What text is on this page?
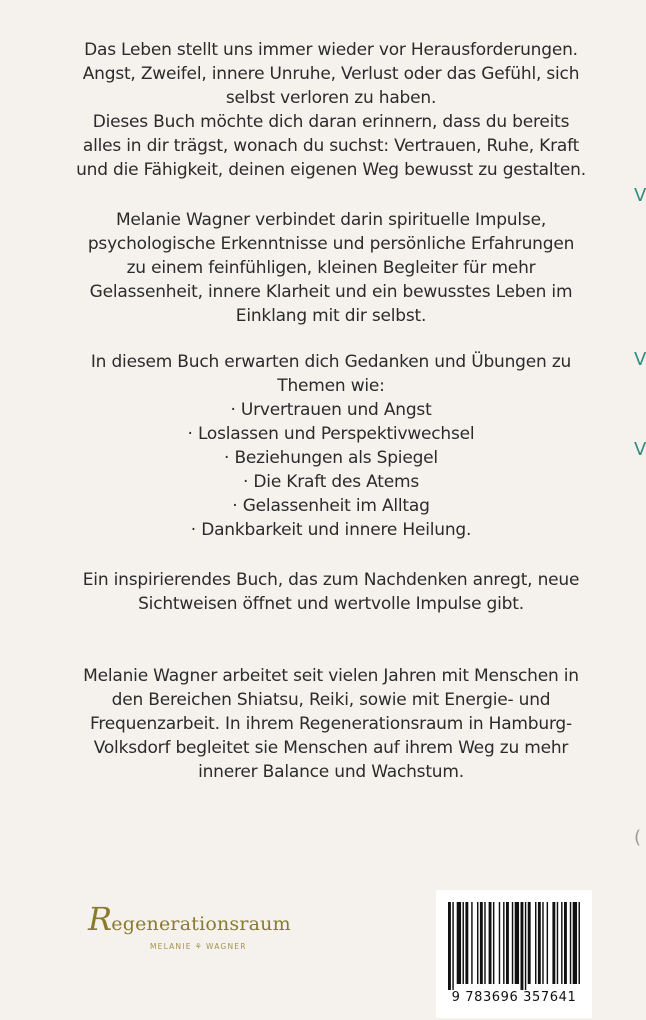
Das Leben stellt uns immer wieder vor Herausforderungen.
Angst, Zweifel, innere Unruhe, Verlust oder das Gefühl, sich
selbst verloren zu haben.
Dieses Buch möchte dich daran erinnern, dass du bereits
alles in dir trägst, wonach du suchst: Vertrauen, Ruhe, Kraft
und die Fähigkeit, deinen eigenen Weg bewusst zu gestalten.
Melanie Wagner verbindet darin spirituelle Impulse,
psychologische Erkenntnisse und persönliche Erfahrungen
zu einem feinfühligen, kleinen Begleiter für mehr
Gelassenheit, innere Klarheit und ein bewusstes Leben im
Einklang mit dir selbst.
In diesem Buch erwarten dich Gedanken und Übungen zu
Themen wie:
· Urvertrauen und Angst
· Loslassen und Perspektivwechsel
· Beziehungen als Spiegel
· Die Kraft des Atems
· Gelassenheit im Alltag
· Dankbarkeit und innere Heilung.
Ein inspirierendes Buch, das zum Nachdenken anregt, neue
Sichtweisen öffnet und wertvolle Impulse gibt.
Melanie Wagner arbeitet seit vielen Jahren mit Menschen in
den Bereichen Shiatsu, Reiki, sowie mit Energie- und
Frequenzarbeit. In ihrem Regenerationsraum in Hamburg-
Volksdorf begleitet sie Menschen auf ihrem Weg zu mehr
innerer Balance und Wachstum.
V
V
V
(
Regenerationsraum
MELANIE ⚘ WAGNER
9 783696 357641
